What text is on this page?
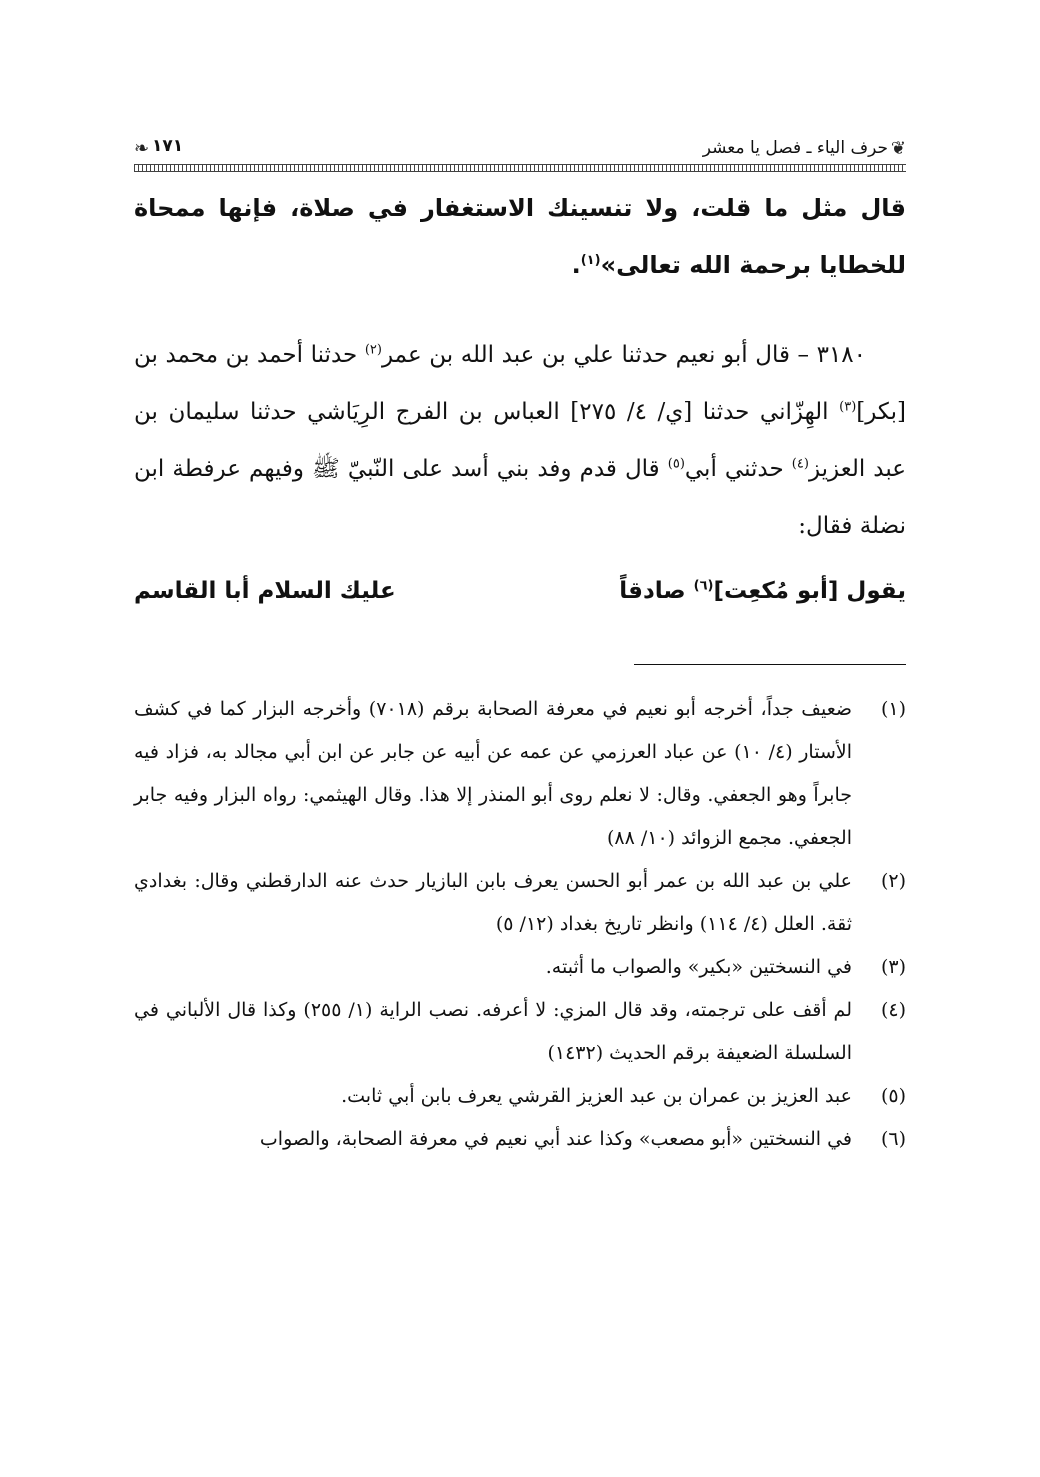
❦
حرف الياء ـ فصل يا معشر
١٧١
❧
قال مثل ما قلت، ولا تنسينك الاستغفار في صلاة، فإنها ممحاة للخطايا برحمة الله تعالى»$^{(١)}$.
٣١٨٠ – قال أبو نعيم حدثنا علي بن عبد الله بن عمر$^{(٢)}$ حدثنا أحمد بن محمد بن [بكر]$^{(٣)}$ الهِزّاني حدثنا [ي/ ٤/ ٢٧٥] العباس بن الفرج الرِيَاشي حدثنا سليمان بن عبد العزيز$^{(٤)}$ حدثني أبي$^{(٥)}$ قال قدم وفد بني أسد على النّبيّ ﷺ وفيهم عرفطة ابن نضلة فقال:
يقول [أبو مُكعِت]$^{(٦)}$ صادقاً
عليك السلام أبا القاسم
(١)
ضعيف جداً، أخرجه أبو نعيم في معرفة الصحابة برقم (٧٠١٨) وأخرجه البزار كما في كشف الأستار (٤/ ١٠) عن عباد العرزمي عن عمه عن أبيه عن جابر عن ابن أبي مجالد به، فزاد فيه جابراً وهو الجعفي. وقال: لا نعلم روى أبو المنذر إلا هذا. وقال الهيثمي: رواه البزار وفيه جابر الجعفي. مجمع الزوائد (١٠/ ٨٨)
(٢)
علي بن عبد الله بن عمر أبو الحسن يعرف بابن البازيار حدث عنه الدارقطني وقال: بغدادي ثقة. العلل (٤/ ١١٤) وانظر تاريخ بغداد (١٢/ ٥)
(٣)
في النسختين «بكير» والصواب ما أثبته.
(٤)
لم أقف على ترجمته، وقد قال المزي: لا أعرفه. نصب الراية (١/ ٢٥٥) وكذا قال الألباني في السلسلة الضعيفة برقم الحديث (١٤٣٢)
(٥)
عبد العزيز بن عمران بن عبد العزيز القرشي يعرف بابن أبي ثابت.
(٦)
في النسختين «أبو مصعب» وكذا عند أبي نعيم في معرفة الصحابة، والصواب
